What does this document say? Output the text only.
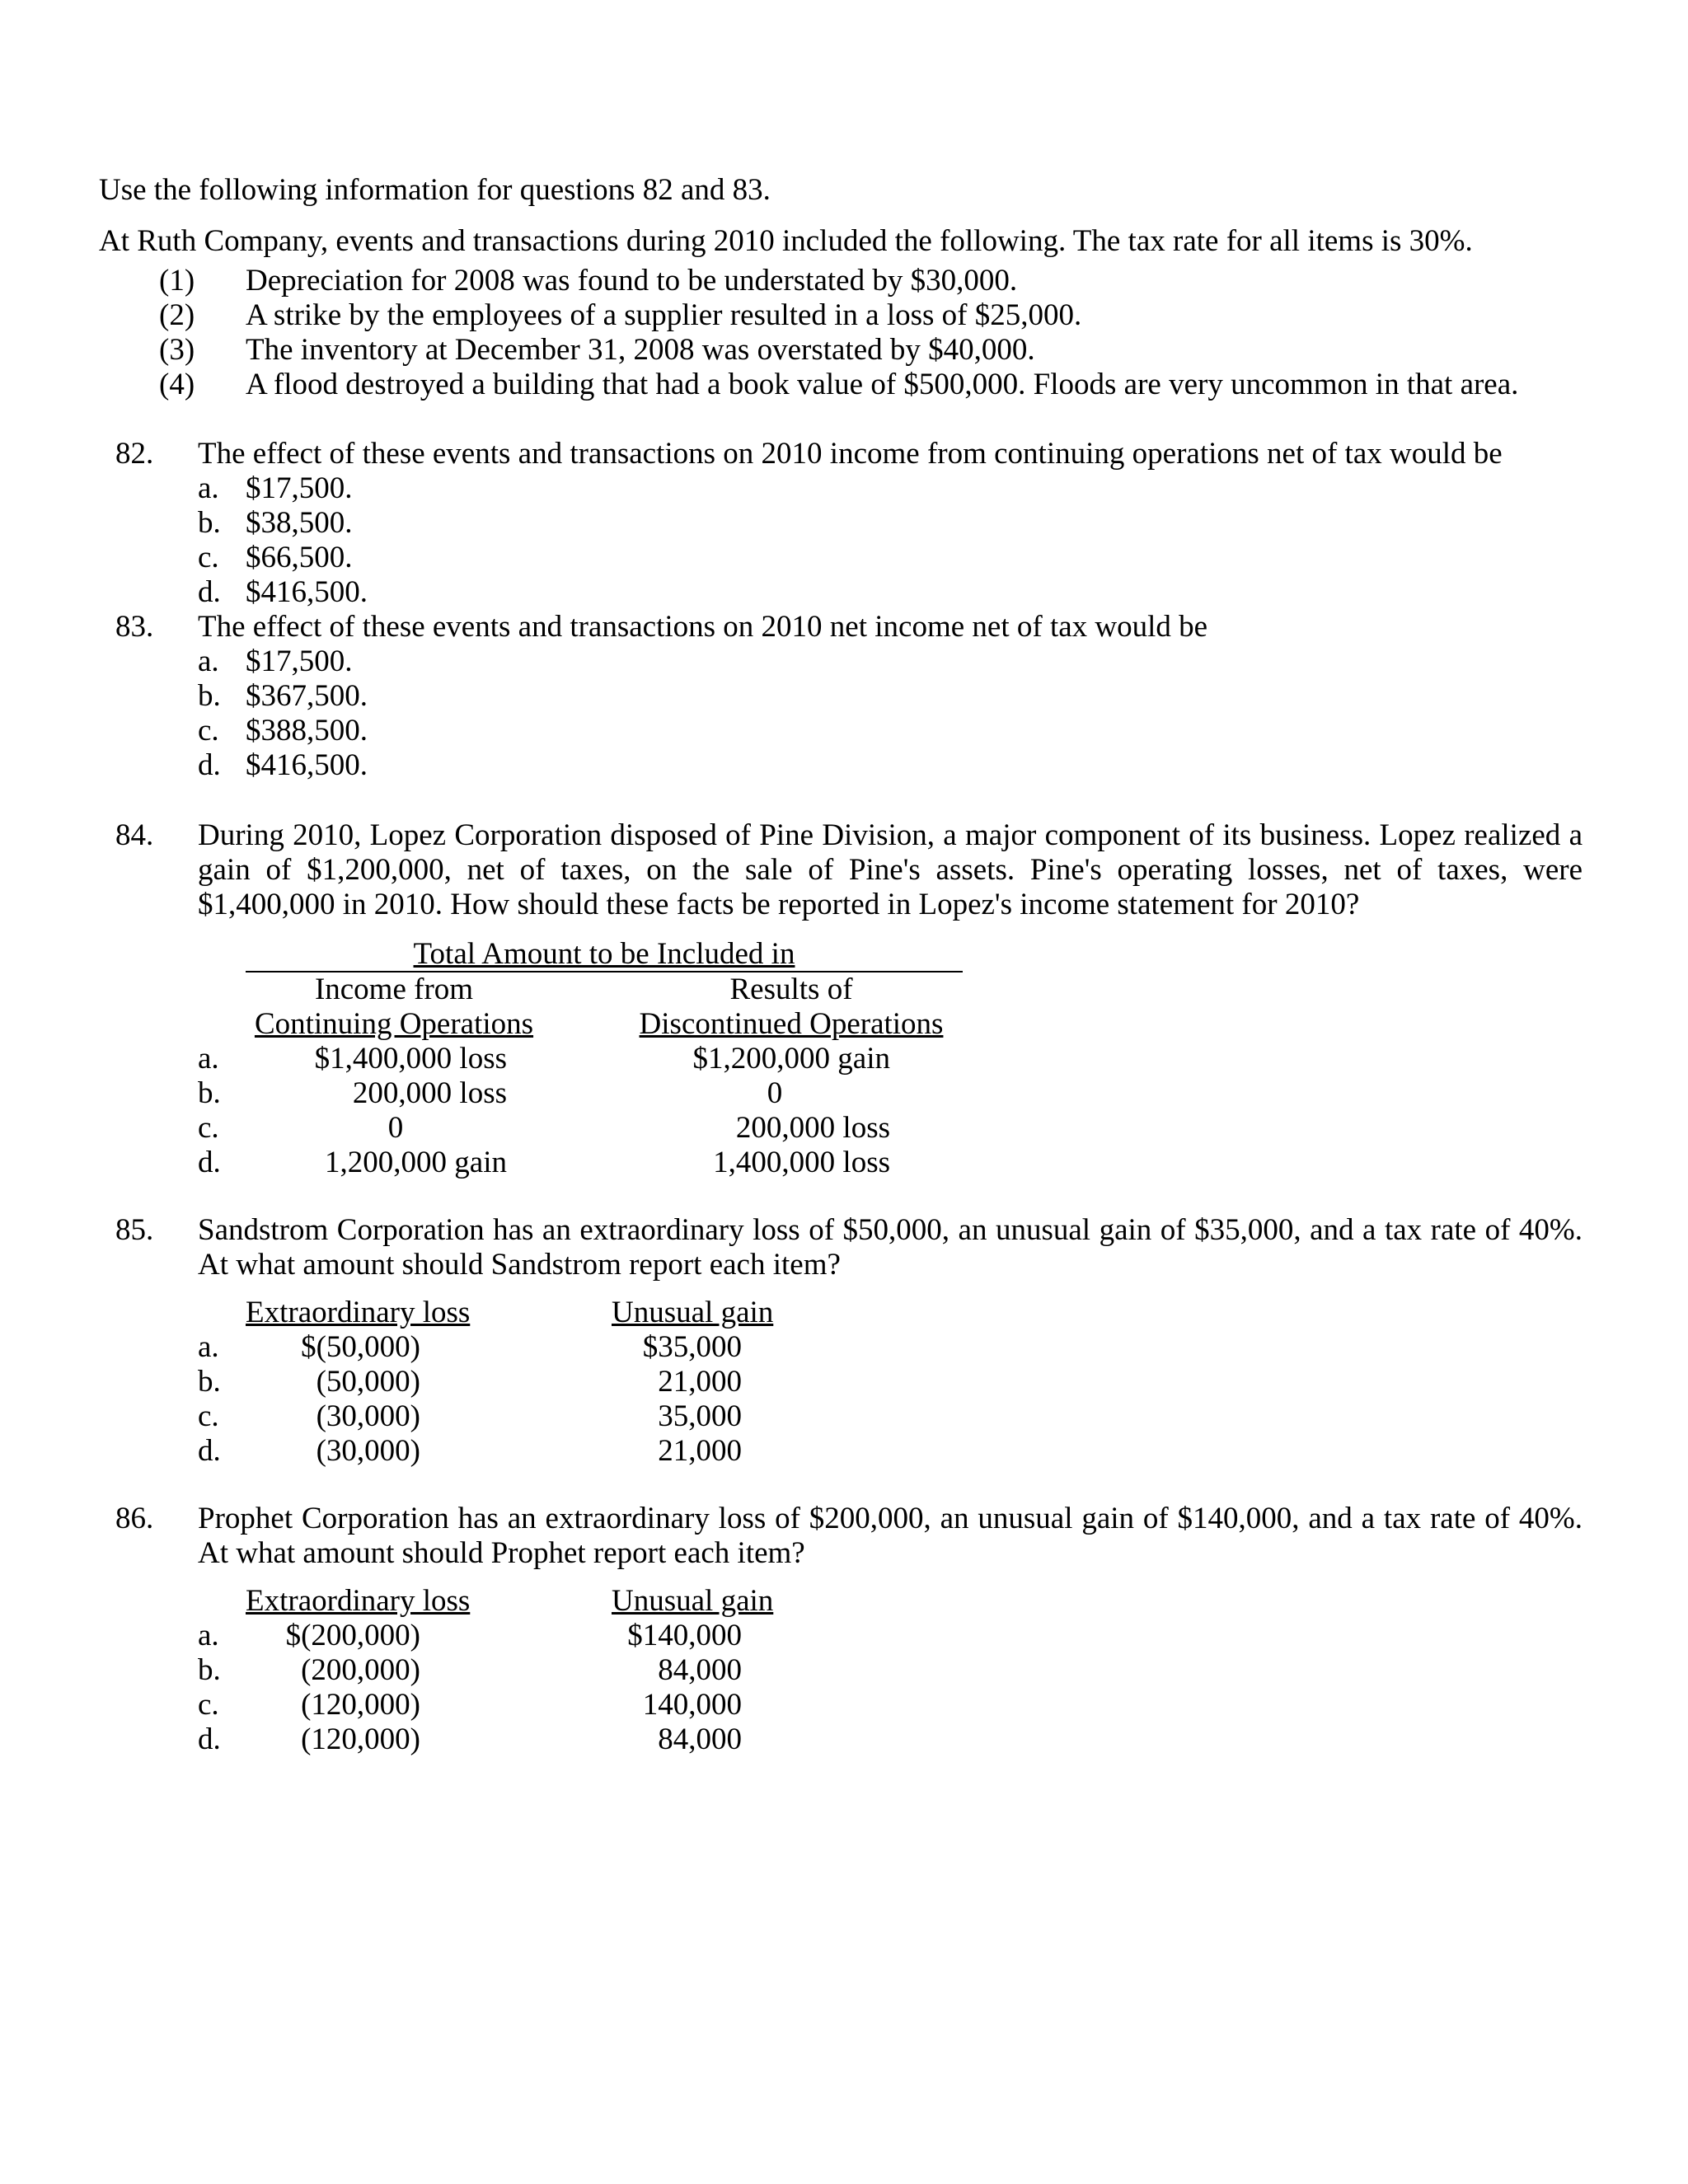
Use the following information for questions 82 and 83.
At Ruth Company, events and transactions during 2010 included the following. The tax rate for all items is 30%.
(1) Depreciation for 2008 was found to be understated by $30,000.
(2) A strike by the employees of a supplier resulted in a loss of $25,000.
(3) The inventory at December 31, 2008 was overstated by $40,000.
(4) A flood destroyed a building that had a book value of $500,000. Floods are very uncommon in that area.
82. The effect of these events and transactions on 2010 income from continuing operations net of tax would be
a. $17,500.
b. $38,500.
c. $66,500.
d. $416,500.
83. The effect of these events and transactions on 2010 net income net of tax would be
a. $17,500.
b. $367,500.
c. $388,500.
d. $416,500.
84. During 2010, Lopez Corporation disposed of Pine Division, a major component of its business. Lopez realized a gain of $1,200,000, net of taxes, on the sale of Pine's assets. Pine's operating losses, net of taxes, were $1,400,000 in 2010. How should these facts be reported in Lopez's income statement for 2010?
Total Amount to be Included in
Income from	Results of
Continuing Operations	Discontinued Operations
a.	$1,400,000 loss	$1,200,000 gain
b.	200,000 loss	0
c.	0	200,000 loss
d.	1,200,000 gain	1,400,000 loss
85. Sandstrom Corporation has an extraordinary loss of $50,000, an unusual gain of $35,000, and a tax rate of 40%. At what amount should Sandstrom report each item?
Extraordinary loss	Unusual gain
a.	$(50,000)	$35,000
b.	(50,000)	21,000
c.	(30,000)	35,000
d.	(30,000)	21,000
86. Prophet Corporation has an extraordinary loss of $200,000, an unusual gain of $140,000, and a tax rate of 40%. At what amount should Prophet report each item?
Extraordinary loss	Unusual gain
a.	$(200,000)	$140,000
b.	(200,000)	84,000
c.	(120,000)	140,000
d.	(120,000)	84,000
